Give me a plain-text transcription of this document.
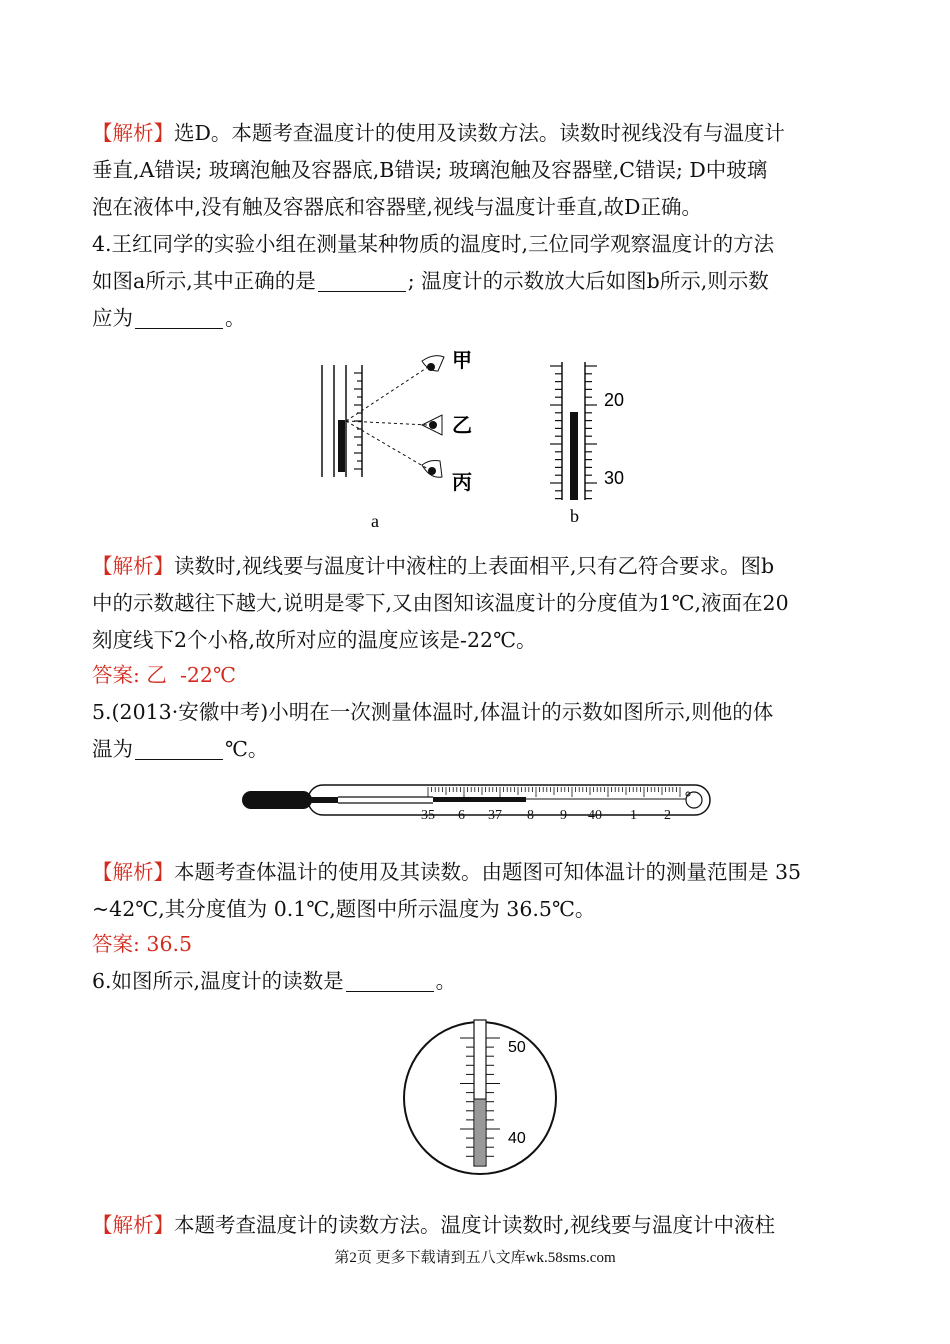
【解析】选D。本题考查温度计的使用及读数方法。读数时视线没有与温度计
垂直,A错误; 玻璃泡触及容器底,B错误; 玻璃泡触及容器壁,C错误; D中玻璃
泡在液体中,没有触及容器底和容器壁,视线与温度计垂直,故D正确。
4.王红同学的实验小组在测量某种物质的温度时,三位同学观察温度计的方法
如图a所示,其中正确的是	; 温度计的示数放大后如图b所示,则示数
应为	。
甲
乙
丙
a
20
30
b
【解析】读数时,视线要与温度计中液柱的上表面相平,只有乙符合要求。图b
中的示数越往下越大,说明是零下,又由图知该温度计的分度值为1℃,液面在20
刻度线下2个小格,故所对应的温度应该是-22℃。
答案: 乙  -22℃
5.(2013·安徽中考)小明在一次测量体温时,体温计的示数如图所示,则他的体
温为	℃。
35 6 37 8 9 40 1 2
【解析】本题考查体温计的使用及其读数。由题图可知体温计的测量范围是 35
~42℃,其分度值为 0.1℃,题图中所示温度为 36.5℃。
答案: 36.5
6.如图所示,温度计的读数是	。
50
40
【解析】本题考查温度计的读数方法。温度计读数时,视线要与温度计中液柱
第2页 更多下载请到五八文库wk.58sms.com
